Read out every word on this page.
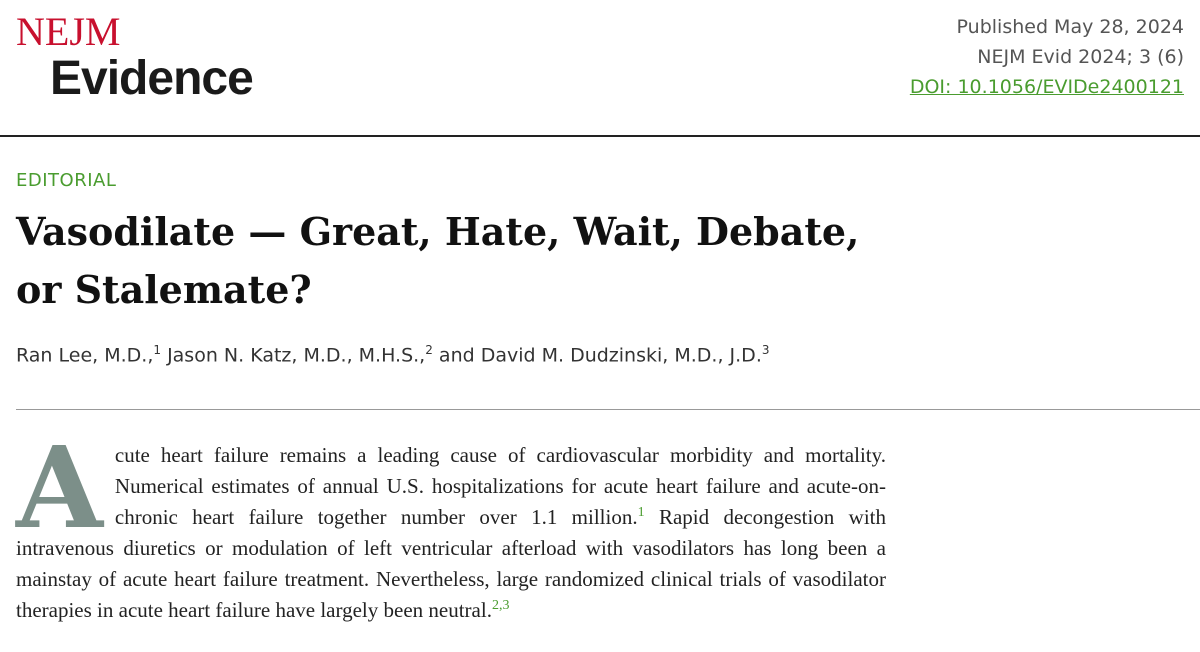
NEJM
Evidence
Published May 28, 2024
NEJM Evid 2024; 3 (6)
DOI: 10.1056/EVIDe2400121
EDITORIAL
Vasodilate — Great, Hate, Wait, Debate,
or Stalemate?
Ran Lee, M.D.,$^1$ Jason N. Katz, M.D., M.H.S.,$^2$ and David M. Dudzinski, M.D., J.D.$^3$
Acute heart failure remains a leading cause of cardiovascular morbidity and mortality. Numerical estimates of annual U.S. hospitalizations for acute heart failure and acute-on-chronic heart failure together number over 1.1 million.$^1$ Rapid decongestion with intravenous diuretics or modulation of left ventricular afterload with vasodilators has long been a mainstay of acute heart failure treatment. Nevertheless, large randomized clinical trials of vasodilator therapies in acute heart failure have largely been neutral.$^{2,3}$
